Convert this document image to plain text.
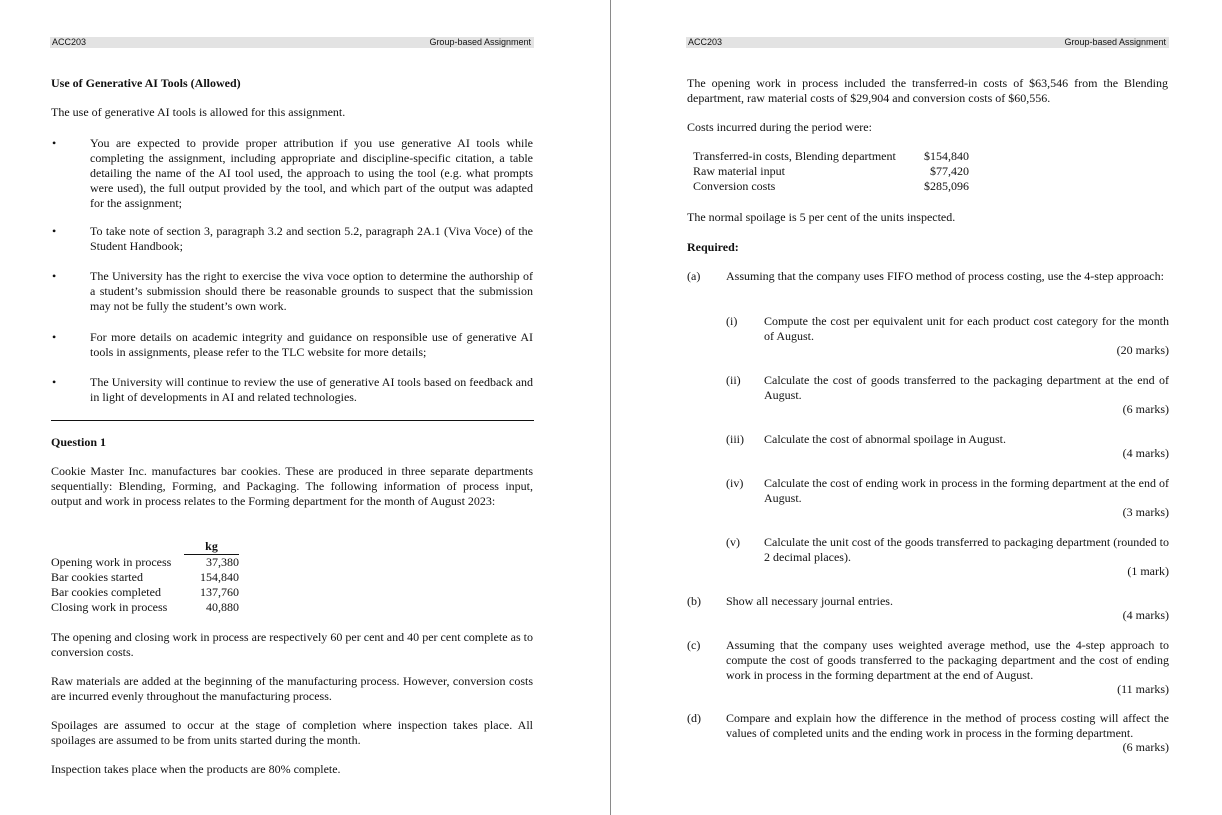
ACC203	Group-based Assignment
Use of Generative AI Tools (Allowed)
The use of generative AI tools is allowed for this assignment.
•	You are expected to provide proper attribution if you use generative AI tools while completing the assignment, including appropriate and discipline-specific citation, a table detailing the name of the AI tool used, the approach to using the tool (e.g. what prompts were used), the full output provided by the tool, and which part of the output was adapted for the assignment;
•	To take note of section 3, paragraph 3.2 and section 5.2, paragraph 2A.1 (Viva Voce) of the Student Handbook;
•	The University has the right to exercise the viva voce option to determine the authorship of a student’s submission should there be reasonable grounds to suspect that the submission may not be fully the student’s own work.
•	For more details on academic integrity and guidance on responsible use of generative AI tools in assignments, please refer to the TLC website for more details;
•	The University will continue to review the use of generative AI tools based on feedback and in light of developments in AI and related technologies.
Question 1
Cookie Master Inc. manufactures bar cookies. These are produced in three separate departments sequentially: Blending, Forming, and Packaging. The following information of process input, output and work in process relates to the Forming department for the month of August 2023:
	kg
Opening work in process	37,380
Bar cookies started	154,840
Bar cookies completed	137,760
Closing work in process	40,880
The opening and closing work in process are respectively 60 per cent and 40 per cent complete as to conversion costs.
Raw materials are added at the beginning of the manufacturing process. However, conversion costs are incurred evenly throughout the manufacturing process.
Spoilages are assumed to occur at the stage of completion where inspection takes place. All spoilages are assumed to be from units started during the month.
Inspection takes place when the products are 80% complete.
ACC203	Group-based Assignment
The opening work in process included the transferred-in costs of $63,546 from the Blending department, raw material costs of $29,904 and conversion costs of $60,556.
Costs incurred during the period were:
Transferred-in costs, Blending department	$154,840
Raw material input	$77,420
Conversion costs	$285,096
The normal spoilage is 5 per cent of the units inspected.
Required:
(a) Assuming that the company uses FIFO method of process costing, use the 4-step approach:
(i) Compute the cost per equivalent unit for each product cost category for the month of August.
(20 marks)
(ii) Calculate the cost of goods transferred to the packaging department at the end of August.
(6 marks)
(iii) Calculate the cost of abnormal spoilage in August.
(4 marks)
(iv) Calculate the cost of ending work in process in the forming department at the end of August.
(3 marks)
(v) Calculate the unit cost of the goods transferred to packaging department (rounded to 2 decimal places).
(1 mark)
(b) Show all necessary journal entries.
(4 marks)
(c) Assuming that the company uses weighted average method, use the 4-step approach to compute the cost of goods transferred to the packaging department and the cost of ending work in process in the forming department at the end of August.
(11 marks)
(d) Compare and explain how the difference in the method of process costing will affect the values of completed units and the ending work in process in the forming department.
(6 marks)
